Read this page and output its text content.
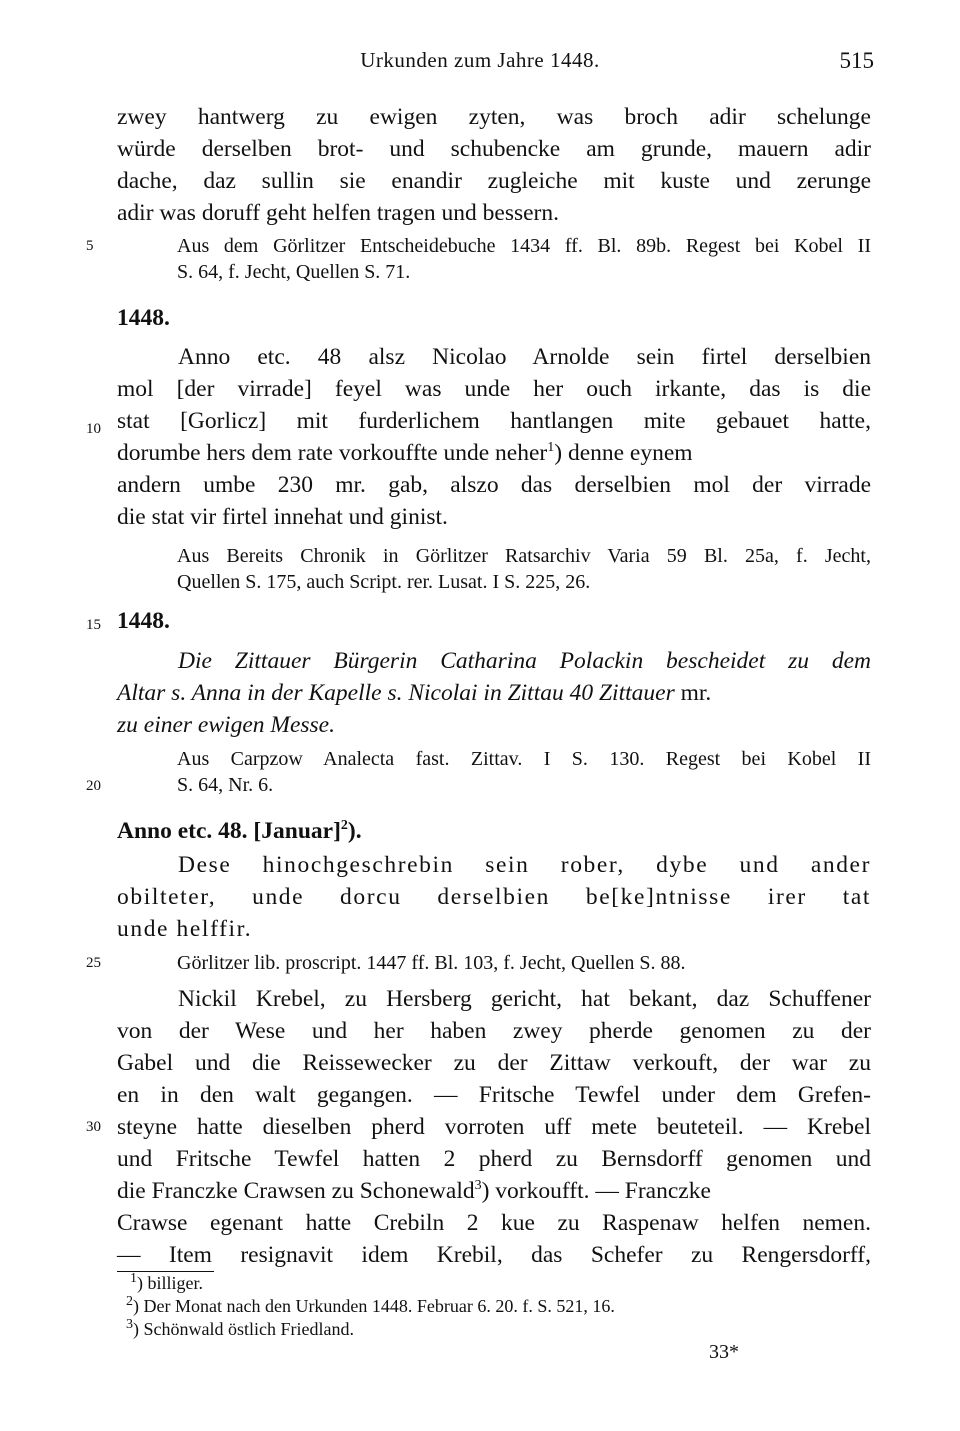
Urkunden zum Jahre 1448.	515
zwey hantwerg zu ewigen zyten, was broch adir schelunge
würde derselben brot- und schubencke am grunde, mauern adir
dache, daz sullin sie enandir zugleiche mit kuste und zerunge
adir was doruff geht helfen tragen und bessern.
5	Aus dem Görlitzer Entscheidebuche 1434 ff. Bl. 89b. Regest bei Kobel II
S. 64, f. Jecht, Quellen S. 71.
1448.
Anno etc. 48 alsz Nicolao Arnolde sein firtel derselbien
mol [der virrade] feyel was unde her ouch irkante, das is die
10 stat [Gorlicz] mit furderlichem hantlangen mite gebauet hatte,
dorumbe hers dem rate vorkouffte unde neher$^1$) denne eynem
andern umbe 230 mr. gab, alszo das derselbien mol der virrade
die stat vir firtel innehat und ginist.
Aus Bereits Chronik in Görlitzer Ratsarchiv Varia 59 Bl. 25a, f. Jecht,
Quellen S. 175, auch Script. rer. Lusat. I S. 225, 26.
15 1448.
Die Zittauer Bürgerin Catharina Polackin bescheidet zu dem
Altar s. Anna in der Kapelle s. Nicolai in Zittau 40 Zittauer mr.
zu einer ewigen Messe.
Aus Carpzow Analecta fast. Zittav. I S. 130. Regest bei Kobel II
20	S. 64, Nr. 6.
Anno etc. 48. [Januar]$^2$).
Dese hinochgeschrebin sein rober, dybe und ander
obilteter, unde dorcu derselbien be[ke]ntnisse irer tat
unde helffir.
25	Görlitzer lib. proscript. 1447 ff. Bl. 103, f. Jecht, Quellen S. 88.
Nickil Krebel, zu Hersberg gericht, hat bekant, daz Schuffener
von der Wese und her haben zwey pherde genomen zu der
Gabel und die Reissewecker zu der Zittaw verkouft, der war zu
en in den walt gegangen. — Fritsche Tewfel under dem Grefen-
30 steyne hatte dieselben pherd vorroten uff mete beuteteil. — Krebel
und Fritsche Tewfel hatten 2 pherd zu Bernsdorff genomen und
die Franczke Crawsen zu Schonewald$^3$) vorkoufft. — Franczke
Crawse egenant hatte Crebiln 2 kue zu Raspenaw helfen nemen.
— Item resignavit idem Krebil, das Schefer zu Rengersdorff,
$^1$) billiger.
$^2$) Der Monat nach den Urkunden 1448. Februar 6. 20. f. S. 521, 16.
$^3$) Schönwald östlich Friedland.
33*
